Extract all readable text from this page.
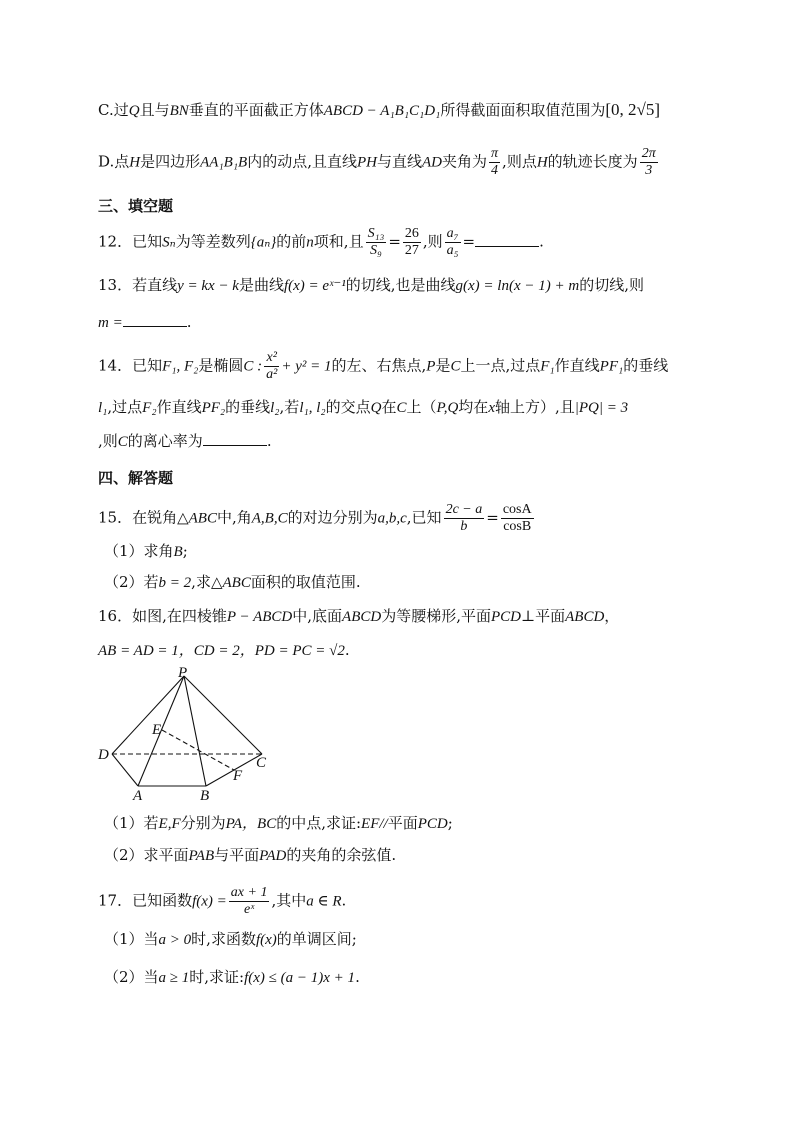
C.过Q且与BN垂直的平面截正方体ABCD − A₁B₁C₁D₁所得截面面积取值范围为[0, 2√5]
D.点H是四边形AA₁B₁B内的动点,且直线PH与直线AD夹角为 $\frac{\pi}{4}$ ,则点H的轨迹长度为 $\frac{2\pi}{3}$
三、填空题
12．已知Sₙ为等差数列{aₙ}的前n项和,且 $\frac{\text{S₁₃}}{\text{S₉}} = \frac{26}{27}$ ,则 $\frac{\text{a₇}}{\text{a₅}}$ =	.
13．若直线y = kx − k是曲线f(x) = eˣ⁻¹的切线,也是曲线g(x) = ln(x − 1) + m的切线,则
m =	.
14．已知F₁, F₂是椭圆C : $\frac{\text{x²}}{\text{a²}} + y^2 = 1$的左、右焦点,P是C上一点,过点F₁作直线PF₁的垂线
l₁,过点F₂作直线PF₂的垂线l₂,若l₁, l₂的交点Q在C上（P,Q均在x轴上方）,且|PQ| = 3
,则C的离心率为	.
四、解答题
15．在锐角△ABC中,角A,B,C的对边分别为a,b,c,已知 $\frac{2c - a}{b} = \frac{\cos A}{\cos B}$
（1）求角B;
（2）若b = 2,求△ABC面积的取值范围.
16．如图,在四棱锥P − ABCD中,底面ABCD为等腰梯形,平面PCD⊥平面ABCD，
AB = AD = 1，CD = 2，PD = PC = √2.
P
E
D	C
F
A	B
（1）若E,F分别为PA，BC的中点,求证:EF//平面PCD;
（2）求平面PAB与平面PAD的夹角的余弦值.
17．已知函数$f(x) = \frac{ax + 1}{\text{eˣ}}$ ,其中a ∈ R.
（1）当a > 0时,求函数f(x)的单调区间;
（2）当a ≥ 1时,求证:f(x) ≤ (a − 1)x + 1.
